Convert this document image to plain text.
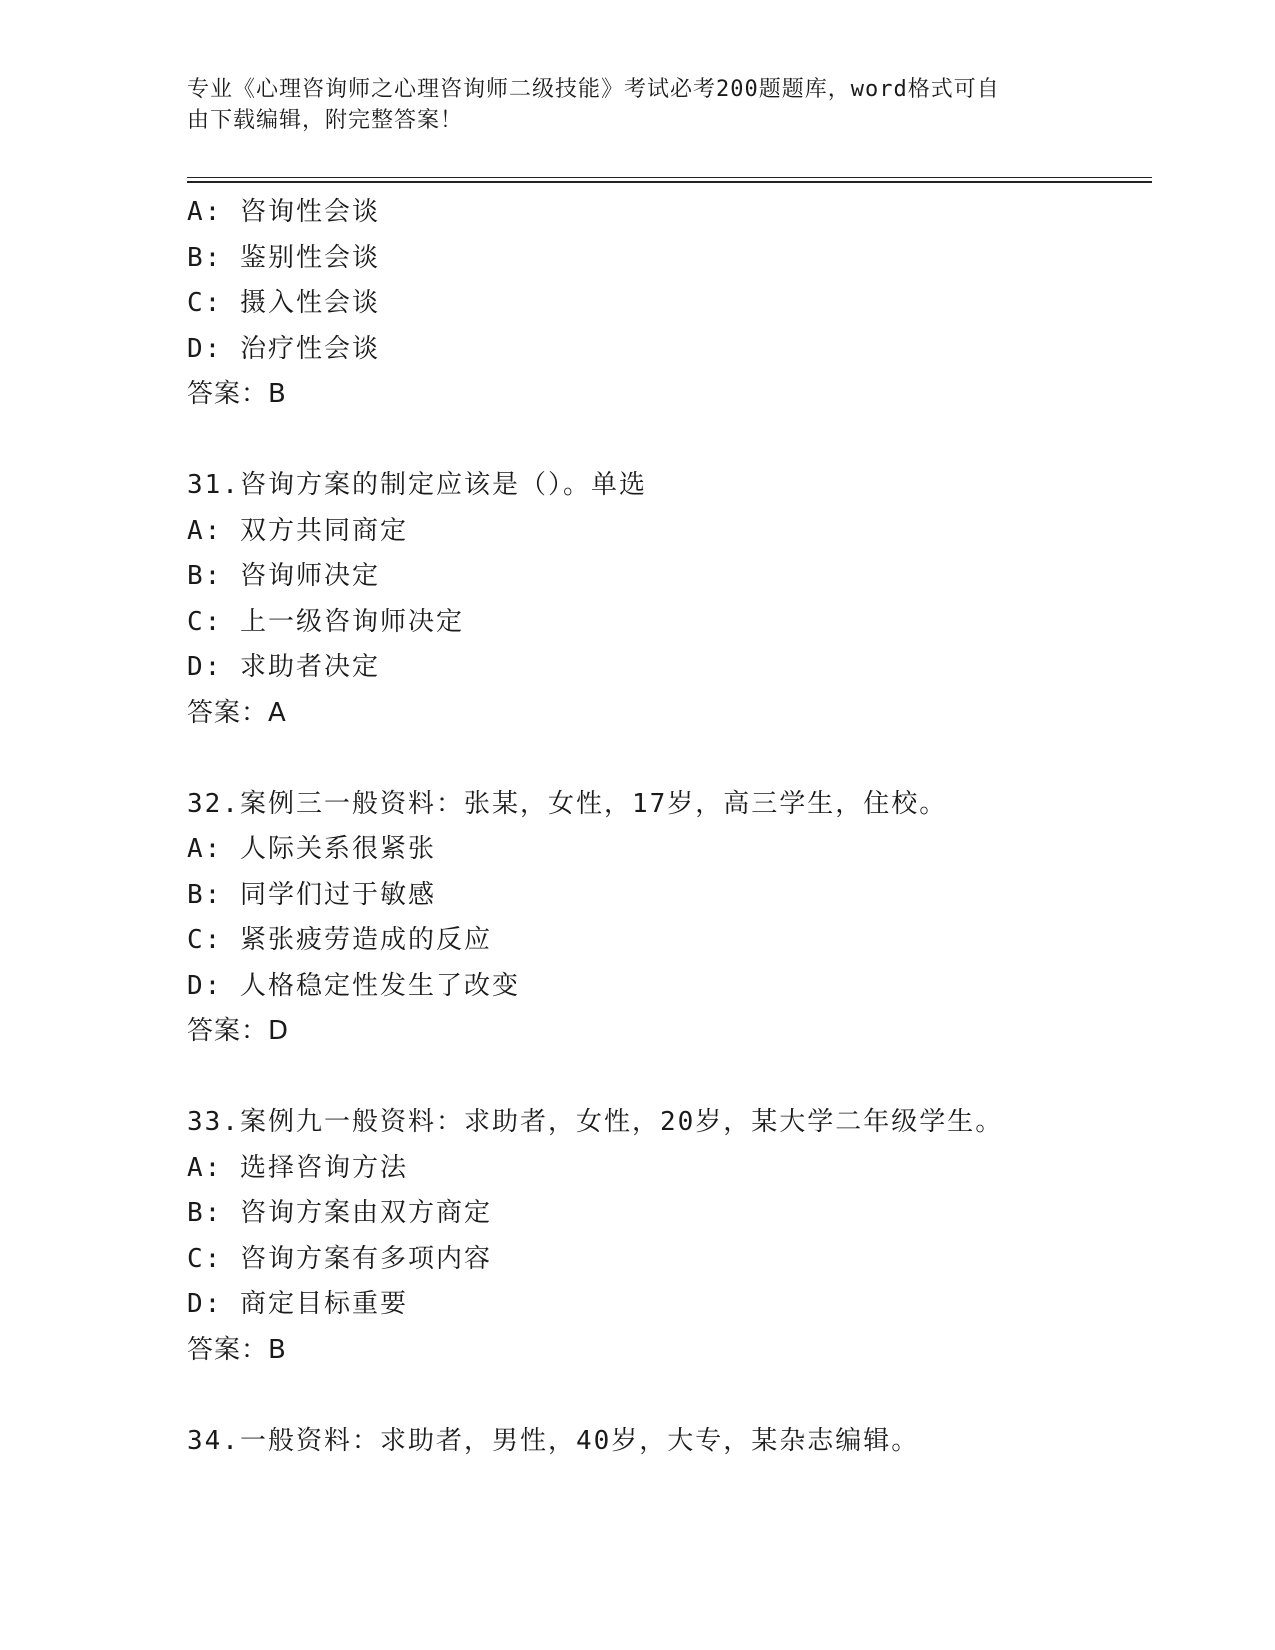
专业《心理咨询师之心理咨询师二级技能》考试必考200题题库，word格式可自
由下载编辑，附完整答案！
A: 咨询性会谈
B: 鉴别性会谈
C: 摄入性会谈
D: 治疗性会谈
答案：B
31.咨询方案的制定应该是（）。单选
A: 双方共同商定
B: 咨询师决定
C: 上一级咨询师决定
D: 求助者决定
答案：A
32.案例三一般资料：张某，女性，17岁，高三学生，住校。
A: 人际关系很紧张
B: 同学们过于敏感
C: 紧张疲劳造成的反应
D: 人格稳定性发生了改变
答案：D
33.案例九一般资料：求助者，女性，20岁，某大学二年级学生。
A: 选择咨询方法
B: 咨询方案由双方商定
C: 咨询方案有多项内容
D: 商定目标重要
答案：B
34.一般资料：求助者，男性，40岁，大专，某杂志编辑。
